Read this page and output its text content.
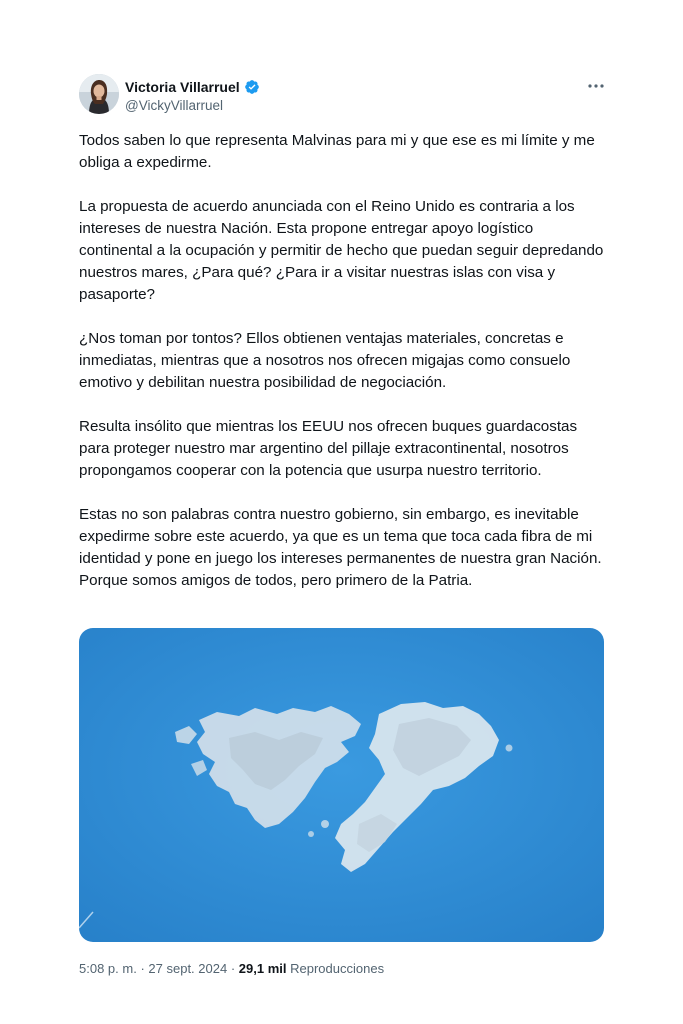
Victoria Villarruel
@VickyVillarruel

Todos saben lo que representa Malvinas para mi y que ese es mi límite y me obliga a expedirme.

La propuesta de acuerdo anunciada con el Reino Unido es contraria a los intereses de nuestra Nación. Esta propone entregar apoyo logístico continental a la ocupación y permitir de hecho que puedan seguir depredando nuestros mares, ¿Para qué? ¿Para ir a visitar nuestras islas con visa y pasaporte?

¿Nos toman por tontos? Ellos obtienen ventajas materiales, concretas e inmediatas, mientras que a nosotros nos ofrecen migajas como consuelo emotivo y debilitan nuestra posibilidad de negociación.

Resulta insólito que mientras los EEUU nos ofrecen buques guardacostas para proteger nuestro mar argentino del pillaje extracontinental, nosotros propongamos cooperar con la potencia que usurpa nuestro territorio.

Estas no son palabras contra nuestro gobierno, sin embargo, es inevitable expedirme sobre este acuerdo, ya que es un tema que toca cada fibra de mi identidad y pone en juego los intereses permanentes de nuestra gran Nación.

Porque somos amigos de todos, pero primero de la Patria.

5:08 p. m. · 27 sept. 2024 · 29,1 mil Reproducciones
